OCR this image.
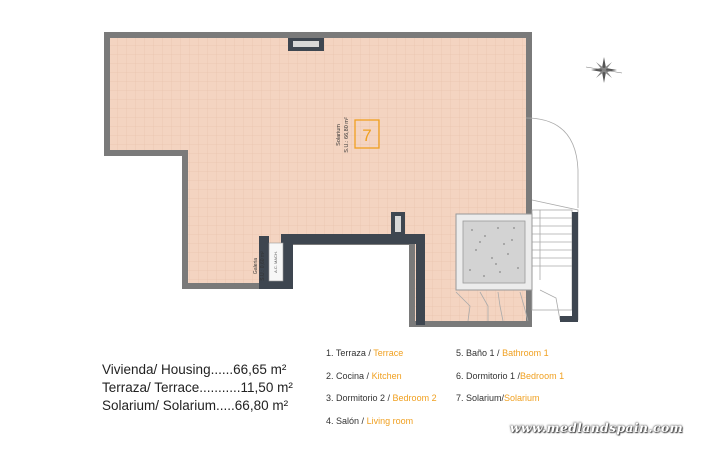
7
Solarium S.U.: 66,80 m²
Galeria S.U.: 0,60 m² A.C. MACH.
Vivienda/ Housing......66,65 m²
Terraza/ Terrace...........11,50 m²
Solarium/ Solarium.....66,80 m²
1. Terraza / Terrace
2. Cocina / Kitchen
3. Dormitorio 2 / Bedroom 2
4. Salón / Living room
5. Baño 1 / Bathroom 1
6. Dormitorio 1 /Bedroom 1
7. Solarium/Solarium
www.medlandspain.com
